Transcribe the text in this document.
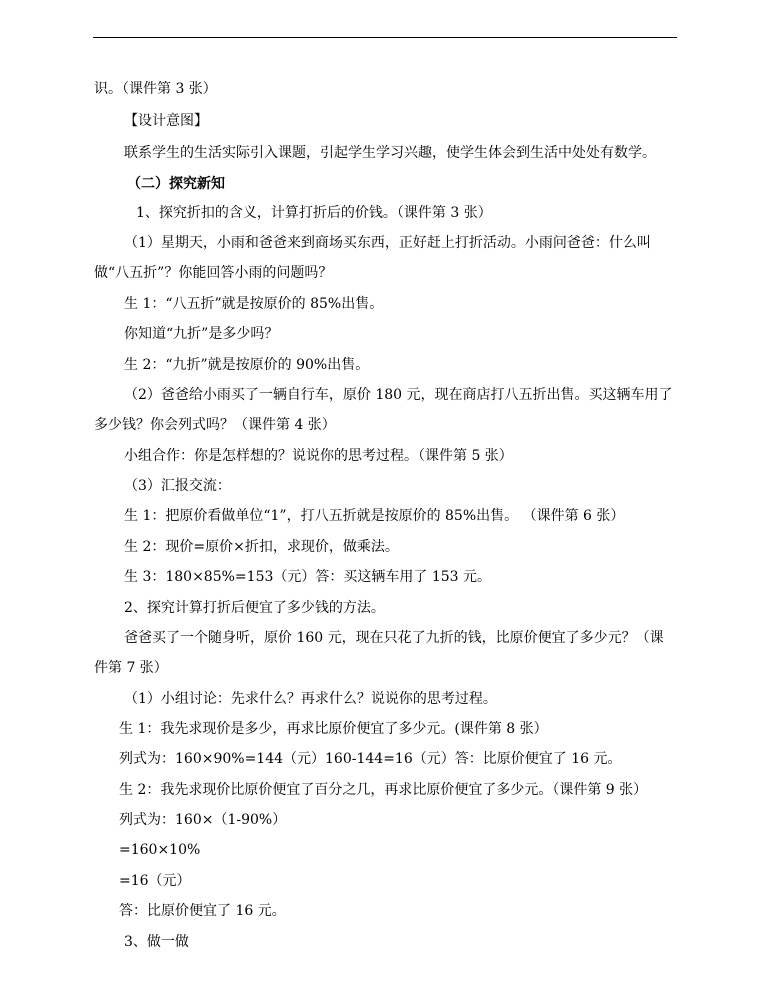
识。（课件第 3 张）
【设计意图】
联系学生的生活实际引入课题，引起学生学习兴趣，使学生体会到生活中处处有数学。
（二）探究新知
1、探究折扣的含义，计算打折后的价钱。（课件第 3 张）
（1）星期天，小雨和爸爸来到商场买东西，正好赶上打折活动。小雨问爸爸：什么叫
做“八五折”？你能回答小雨的问题吗？
生 1：“八五折”就是按原价的 85%出售。
你知道“九折”是多少吗？
生 2：“九折”就是按原价的 90%出售。
（2）爸爸给小雨买了一辆自行车，原价 180 元，现在商店打八五折出售。买这辆车用了
多少钱？你会列式吗？（课件第 4 张）
小组合作：你是怎样想的？说说你的思考过程。（课件第 5 张）
（3）汇报交流：
生 1：把原价看做单位“1”，打八五折就是按原价的 85%出售。 （课件第 6 张）
生 2：现价=原价×折扣，求现价，做乘法。
生 3：180×85%=153（元）答：买这辆车用了 153 元。
2、探究计算打折后便宜了多少钱的方法。
爸爸买了一个随身听，原价 160 元，现在只花了九折的钱，比原价便宜了多少元？（课
件第 7 张）
（1）小组讨论：先求什么？再求什么？说说你的思考过程。
生 1：我先求现价是多少，再求比原价便宜了多少元。(课件第 8 张）
列式为：160×90%=144（元）160-144=16（元）答：比原价便宜了 16 元。
生 2：我先求现价比原价便宜了百分之几，再求比原价便宜了多少元。（课件第 9 张）
列式为：160×（1-90%）
=160×10%
=16（元）
答：比原价便宜了 16 元。
3、做一做
